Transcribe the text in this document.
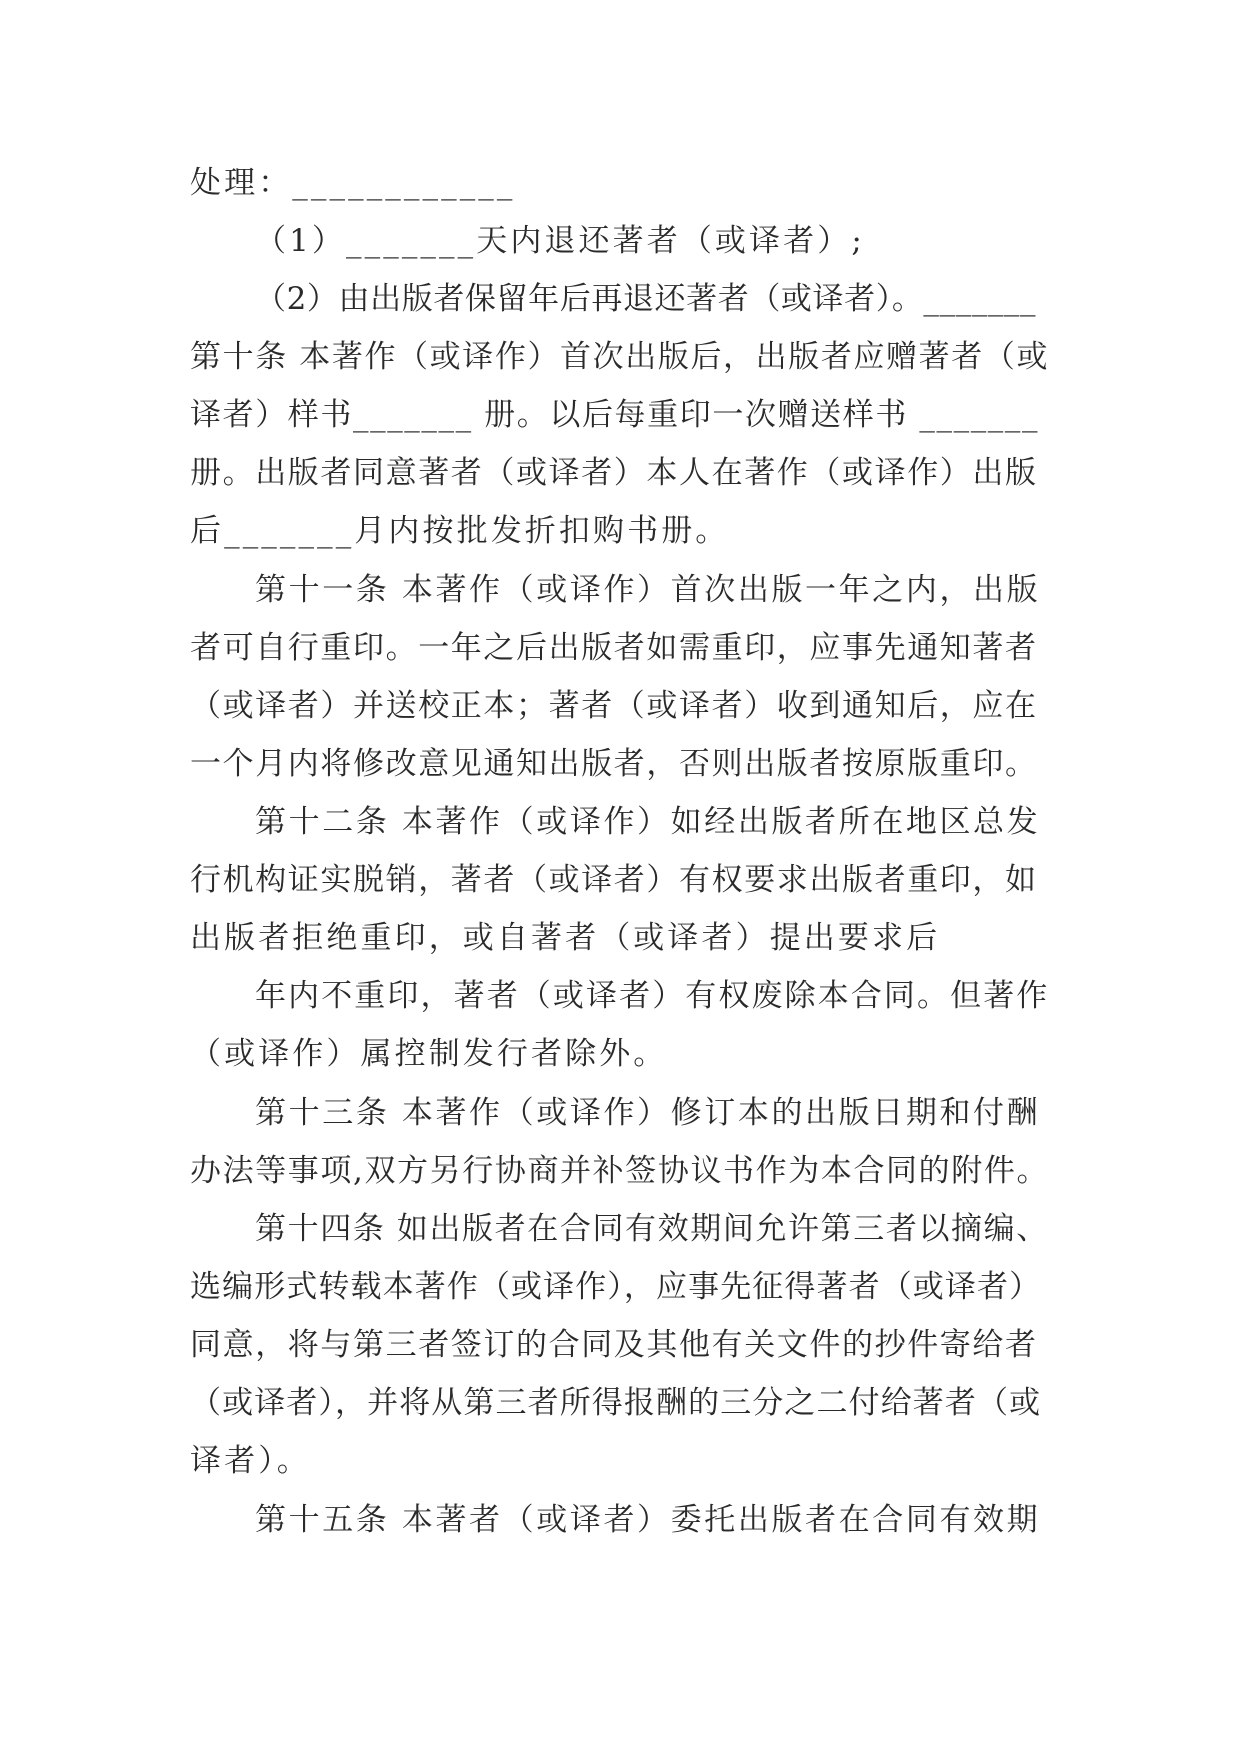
处理：____________
（1）_______天内退还著者（或译者）;
（2）由出版者保留年后再退还著者（或译者）。_______
第十条 本著作（或译作）首次出版后，出版者应赠著者（或
译者）样书_______ 册。以后每重印一次赠送样书 _______
册。出版者同意著者（或译者）本人在著作（或译作）出版
后_______月内按批发折扣购书册。
第十一条 本著作（或译作）首次出版一年之内，出版
者可自行重印。一年之后出版者如需重印，应事先通知著者
（或译者）并送校正本；著者（或译者）收到通知后，应在
一个月内将修改意见通知出版者，否则出版者按原版重印。
第十二条 本著作（或译作）如经出版者所在地区总发
行机构证实脱销，著者（或译者）有权要求出版者重印，如
出版者拒绝重印，或自著者（或译者）提出要求后
年内不重印，著者（或译者）有权废除本合同。但著作
（或译作）属控制发行者除外。
第十三条 本著作（或译作）修订本的出版日期和付酬
办法等事项,双方另行协商并补签协议书作为本合同的附件。
第十四条 如出版者在合同有效期间允许第三者以摘编、
选编形式转载本著作（或译作），应事先征得著者（或译者）
同意，将与第三者签订的合同及其他有关文件的抄件寄给者
（或译者），并将从第三者所得报酬的三分之二付给著者（或
译者）。
第十五条 本著者（或译者）委托出版者在合同有效期
